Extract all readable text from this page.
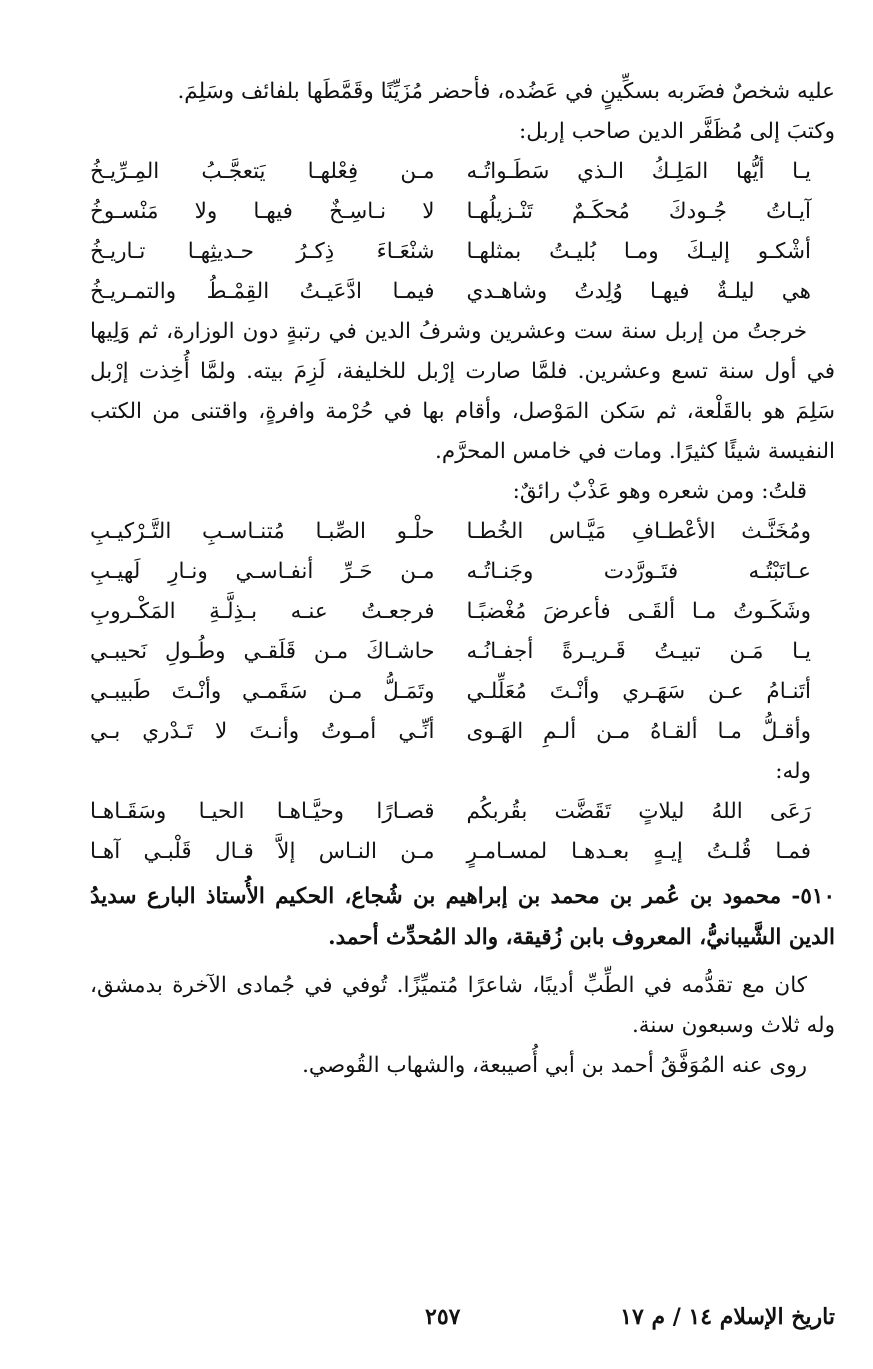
عليه شخصٌ فضَربه بسكِّينٍ في عَضُده، فأحضر مُزَيِّنًا وقَمَّطَها بلفائف وسَلِمَ.

وكتبَ إلى مُظَفَّر الدين صاحب إربل:

يـا أيُّها المَلِـكُ الـذي سَطَـواتُـه
مـن فِعْلهـا يَتعجَّـبُ المِـرِّيـخُ
آيـاتُ جُـودكَ مُحكَـمٌ تَنْـزيلُهـا
لا نـاسِـخٌ فيهـا ولا مَنْسـوخُ
أشْكـو إليـكَ ومـا بُليـتُ بمثلهـا
شنْعَـاءَ ذِكـرُ حـديثِهـا تـاريـخُ
هي ليلـةٌ فيهـا وُلِدتُ وشاهـدي
فيمـا ادَّعَيـتُ القِمْـطُ والتمـريـخُ

خرجتُ من إربل سنة ست وعشرين وشرفُ الدين في رتبةٍ دون الوزارة، ثم وَلِيها في أول سنة تسع وعشرين. فلمَّا صارت إرْبل للخليفة، لَزِمَ بيته. ولمَّا أُخِذت إرْبل سَلِمَ هو بالقَلْعة، ثم سَكن المَوْصل، وأقام بها في حُرْمة وافرةٍ، واقتنى من الكتب النفيسة شيئًا كثيرًا. ومات في خامس المحرَّم.

قلتُ: ومن شعره وهو عَذْبٌ رائقٌ:

ومُخَنَّـث الأعْطـافِ مَيَّـاس الخُطـا
حلْـو الصِّبـا مُتنـاسـبِ التَّـرْكيـبِ
عـاتَبْتُـه فتَـورَّدت وجَنـاتُـه
مـن حَـرِّ أنفـاسـي ونـارِ لَهيـبِ
وشَكَـوتُ مـا ألقَـى فأعرضَ مُغْضبًـا
فرجعـتُ عنـه بـذِلَّـةِ المَكْـروبِ
يـا مَـن تبيـتُ قَـريـرةً أجفـانُـه
حاشـاكَ مـن قَلَقـي وطُـولِ نَحيبـي
أتَنـامُ عـن سَهَـري وأنْـتَ مُعَلِّلـي
وتَمَـلُّ مـن سَقَمـي وأنْـتَ طَبيبـي
وأقـلُّ مـا ألقـاهُ مـن ألـمِ الهَـوى
أنِّـي أمـوتُ وأنـتَ لا تَـدْري بـي

وله:

رَعَى اللهُ ليلاتٍ تَقَضَّت بقُربكُم
قصـارًا وحيَّـاهـا الحيـا وسَقَـاهـا
فمـا قُلـتُ إيـهٍ بعـدهـا لمسـامـرٍ
مـن النـاس إلاَّ قـال قَلْبـي آهـا

٥١٠- محمود بن عُمر بن محمد بن إبراهيم بن شُجاع، الحكيم الأُستاذ البارع سديدُ الدين الشَّيبانيُّ، المعروف بابن زُقيقة، والد المُحدِّث أحمد.

كان مع تقدُّمه في الطِّبِّ أديبًا، شاعرًا مُتميِّزًا. تُوفي في جُمادى الآخرة بدمشق، وله ثلاث وسبعون سنة.

روى عنه المُوَفَّقُ أحمد بن أبي أُصيبعة، والشهاب القُوصي.

تاريخ الإسلام ١٤ / م ١٧
٢٥٧
